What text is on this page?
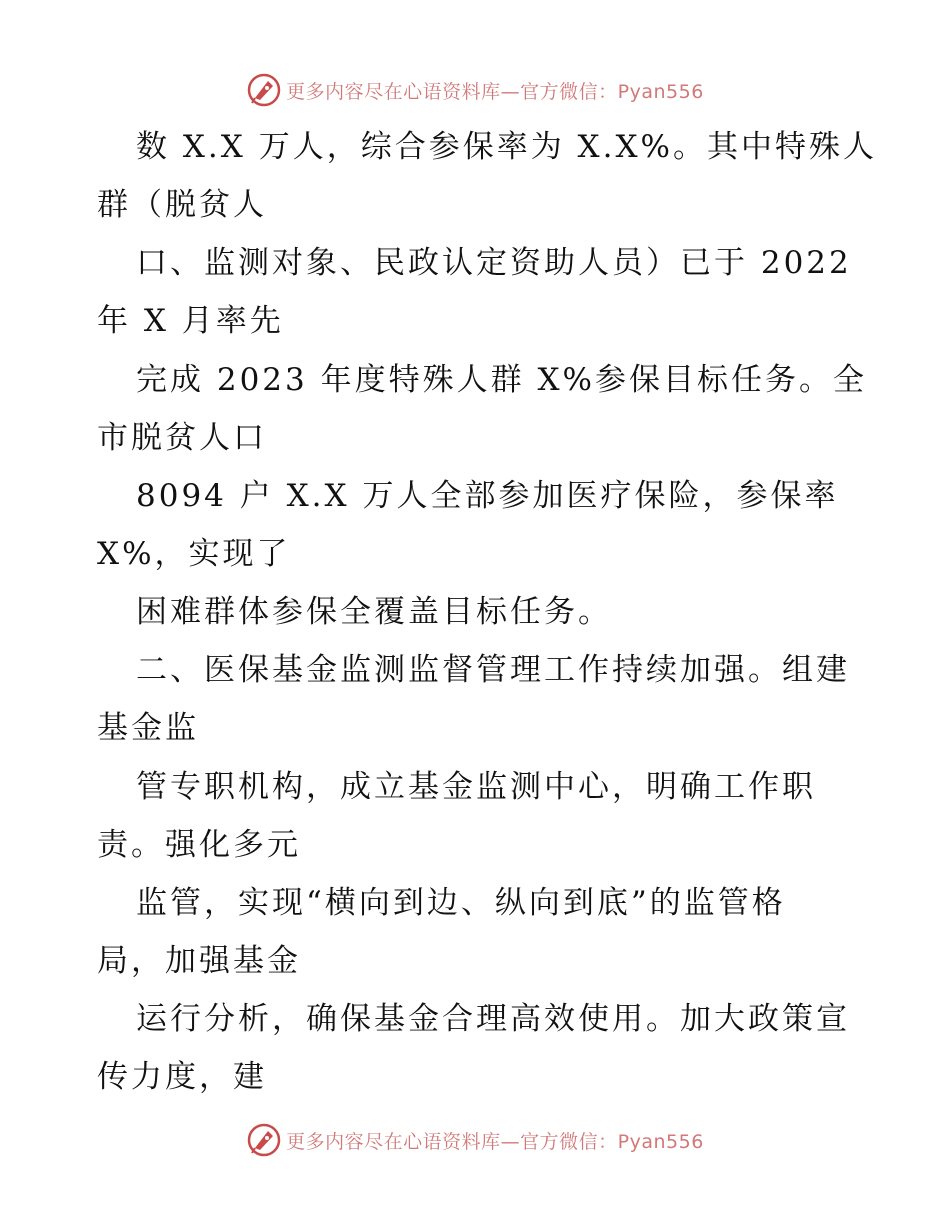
更多内容尽在心语资料库—官方微信：Pyan556
数 X.X 万人，综合参保率为 X.X%。其中特殊人
群（脱贫人
口、监测对象、民政认定资助人员）已于 2022
年 X 月率先
完成 2023 年度特殊人群 X%参保目标任务。全
市脱贫人口
8094 户 X.X 万人全部参加医疗保险，参保率
X%，实现了
困难群体参保全覆盖目标任务。
二、医保基金监测监督管理工作持续加强。组建
基金监
管专职机构，成立基金监测中心，明确工作职
责。强化多元
监管，实现“横向到边、纵向到底”的监管格
局，加强基金
运行分析，确保基金合理高效使用。加大政策宣
传力度，建
更多内容尽在心语资料库—官方微信：Pyan556
